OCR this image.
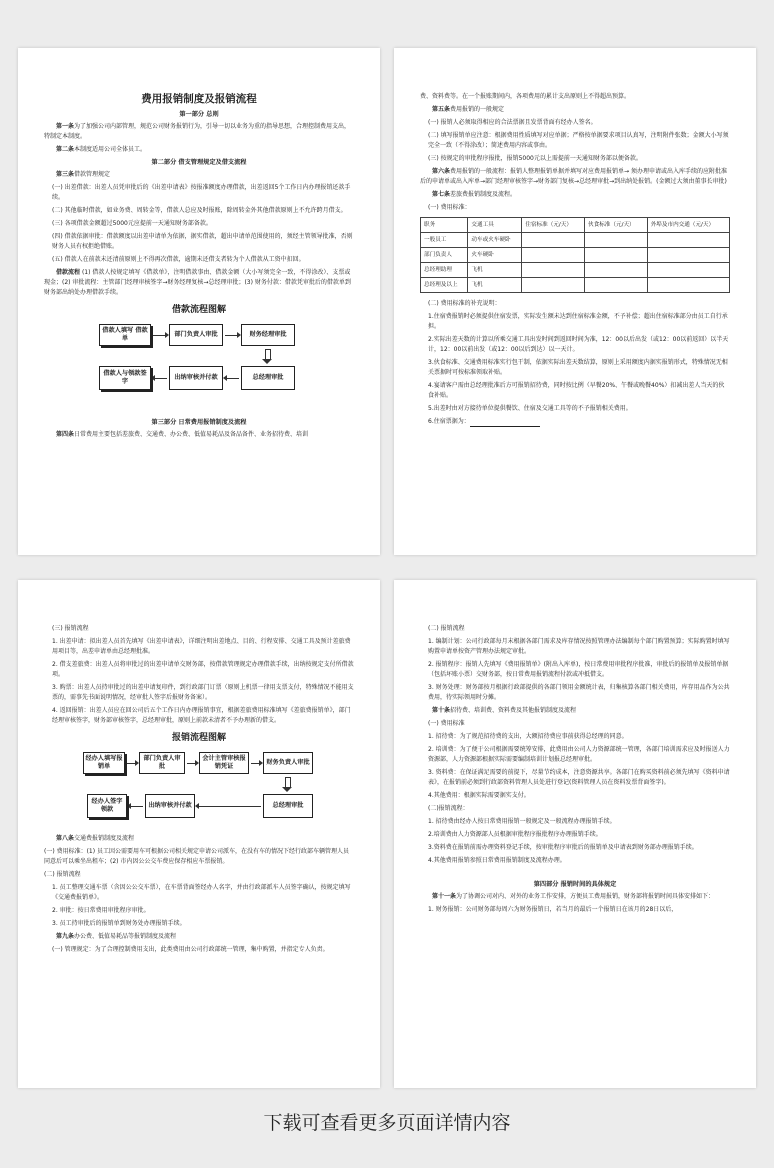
费用报销制度及报销流程
第一部分 总则
第一条为了加强公司内部管理，规范公司财务报销行为，引导一切以业务为重的指导思想，合理控制费用支出，特制定本制度。
第二条本制度适用公司全体员工。
第二部分 借支管理规定及借支流程
第三条借款管理规定
(一) 出差借款：出差人员凭审批后的《出差申请表》按报准额度办理借款，出差返回5个工作日内办理报销还款手续。
(二) 其他临时借款，如业务费、周转金等，借款人总应及时报账，除周转金外其他借款原则上不允许跨月借支。
(三) 各项借款金额超过5000元应提前一天通知财务部备款。
(四) 借款依据审批：借款额度以出差申请单为依据，据实借款，超出申请单范围使用的，须经主管领导批准，否则财务人员有权拒绝借账。
(五) 借款人在前款未还清前原则上不得再次借款，逾期未还借支者转为个人借款从工资中扣回。
借款流程 (1) 借款人按规定填写《借款单》，注明借款事由、借款金额（大小写须完全一致，不得涂改）、支票或现金；(2) 审批流程：主管部门经理审核签字→财务经理复核→总经理审批；(3) 财务付款：借款凭审批后的借款单到财务部出纳处办理借款手续。
借款流程图解
借款人填写 借款单
部门负责人审批	财务经理审批
总经理审批
出纳审核并付款
借款人与领款签字
第三部分 日常费用报销制度及流程
第四条日常费用主要包括差旅费、交通费、办公费、低值易耗品及备品备件、业务招待费、培训
费、资料费等。在一个报账期间内，各项费用的累计支出原则上不得超出预算。
第五条费用报销的一般规定
(一) 报销人必须取得相应的合法票据且发票背面有经办人签名。
(二) 填写报销单应注意：根据费用性质填写对应单据；严格按单据要求项目认真写，注明附件张数；金额大小写须完全一致（不得涂改）；简述费用内容或事由。
(三) 按规定的审批程序报批，报销5000元以上需提前一天通知财务部以便备款。
第六条费用报销的一般流程：报销人整理报销单据并填写对应费用报销单→ 须办理申请或出入库手续的应附批准后的申请单或出入库单→部门经理审核签字→财务部门复核→总经理审批→到出纳处报销。(金额过大须由董事长审批)
第七条差旅费报销制度及流程。
(一) 费用标准：
职务	交通工具	住宿标准（元/天）	伙食标准（元/天）	外埠及市内交通（元/天）
一般员工	动车或火车硬卧			
部门负责人	火车硬卧			
总经理助理	飞机			
总经理及以上	飞机			
(二) 费用标准的补充说明：
1.住宿费报销时必须提供住宿发票，实际发生额未达到住宿标准金额，不予补偿；超出住宿标准部分由员工自行承担。
2.实际出差天数的计算以所乘交通工具出发时间到返回时间为准，12：00以后出发（或12：00以前返回）以半天计，12：00以前出发（或12：00以后到达）以一天计。
3.伙食标准、交通费用标准实行包干制，依据实际出差天数结算，原则上采用额度内据实报销形式，特殊情况无相关票据时可按标准领取补贴。
4.宴请客户需由总经理批准后方可报销招待费，同时按比例（早餐20%、午餐或晚餐40%）扣减出差人当天的伙食补贴。
5.出差时由对方接待单位提供餐饮、住宿及交通工具等的不予报销相关费用。
6.住宿票据为：
(三) 报销流程
1. 出差申请：拟出差人员首先填写《出差申请表》，详细注明出差地点、目的、行程安排、交通工具及预计差旅费用项目等，出差申请单由总经理批准。
2. 借支差旅费：出差人员将审批过的出差申请单交财务部，按借款管理规定办理借款手续，出纳按规定支付所借款项。
3. 购票：出差人员持审批过的出差申请复印件，到行政部门订票（原则上机票一律用支票支付，特殊情况不能用支票的，需事先书面说明情况，经审批人签字后报财务备案）。
4. 返回报销：出差人员应在回公司后五个工作日内办理报销事宜，根据差旅费用标准填写《差旅费报销单》，部门经理审核签字，财务部审核签字，总经理审批，原则上前款未清者不予办理新的借支。
报销流程图解
经办人填写报销单
部门负责人审批
会计主管审核报销凭证
财务负责人审批
总经理审批
出纳审核并付款
经办人签字领款
第八条交通费报销制度及流程
(一) 费用标准：(1) 员工因公需要用车可根据公司相关规定申请公司派车，在没有车的情况下经行政部车辆管理人员同意后可以乘坐出租车；(2) 市内因公公交车费应保存相应车票报销。
(二) 报销流程
1. 员工整理交通车票（含因公公交车票），在车票背面签经办人名字，并由行政部派车人员签字确认，按规定填写《交通费报销单》。
2. 审批：按日常费用审批程序审批。
3. 员工持审批后的报销单到财务处办理报销手续。
第九条办公费、低值易耗品等报销制度及流程
(一) 管理规定：为了合理控制费用支出，此类费用由公司行政部统一管理，集中购置，并指定专人负责。
(二) 报销流程
1. 编制计划：公司行政部每月末根据各部门需求及库存情况按照管理办法编制每个部门购置预算；实际购置时填写购置申请单按资产管理办法规定审批。
2. 报销程序：报销人先填写《费用报销单》(附出入库单)，按日常费用审批程序批准，审批后的报销单及报销单据（包括坏账小票）交财务部，按日常费用报销流程付款或冲抵借支。
3. 财务处理：财务部按月根据行政部提供的各部门领用金额统计表，归集核算各部门相关费用，库存用品作为公共费用，待实际领用时分摊。
第十条招待费、培训费、资料费及其他报销制度及流程
(一) 费用标准
1. 招待费：为了规范招待费的支出，大额招待费应事前获得总经理的同意。
2. 培训费：为了便于公司根据需要统筹安排，此费用由公司人力资源部统一管理，各部门培训需求应及时报送人力资源部，人力资源部根据实际需要编制培训计划报总经理审批。
3. 资料费：在保证满足需要的前提下，尽量节约成本，注意资源共享。各部门在购买资料前必须先填写《资料申请表》，在报销前必须到行政部资料管理人员处进行登记(资料管理人员在资料发票背面签字)。
4.其他费用：根据实际需要据实支付。
(二)报销流程：
1. 招待费由经办人按日常费用报销一般规定及一般流程办理报销手续。
2.培训费由人力资源部人员根据审批程序报批程序办理报销手续。
3.资料费在报销前需办理资料登记手续，按审批程序审批后的报销单及申请表到财务部办理报销手续。
4.其他费用报销参照日常费用报销制度及流程办理。
第四部分 报销时间的具体规定
第十一条为了协调公司对内、对外的业务工作安排，方便员工费用报销，财务部将报销时间具体安排如下：
1. 财务报销：公司财务部每周六为财务报销日，若当月的最后一个报销日在该月的28日以后，
下载可查看更多页面详情内容
